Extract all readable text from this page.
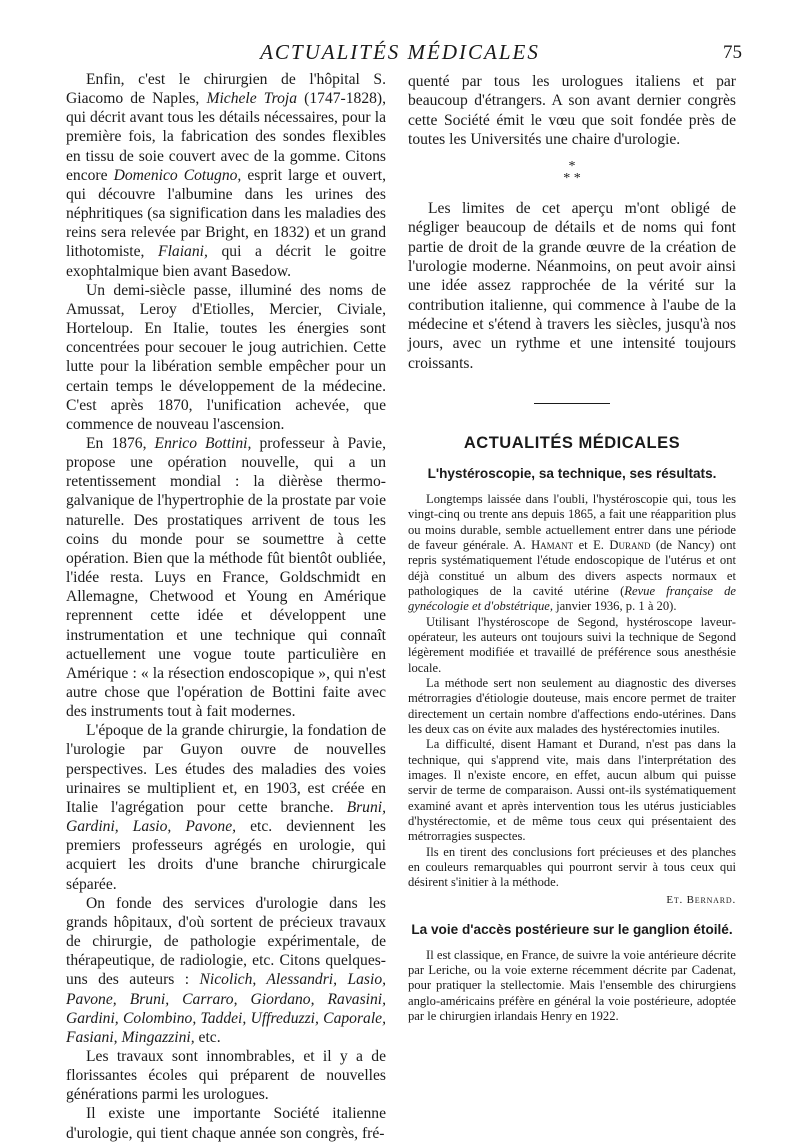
ACTUALITÉS MÉDICALES	75

Enfin, c'est le chirurgien de l'hôpital S. Giacomo de Naples, Michele Troja (1747-1828), qui décrit avant tous les détails nécessaires, pour la première fois, la fabrication des sondes flexibles en tissu de soie couvert avec de la gomme. Citons encore Domenico Cotugno, esprit large et ouvert, qui découvre l'albumine dans les urines des néphritiques (sa signification dans les maladies des reins sera relevée par Bright, en 1832) et un grand lithotomiste, Flaiani, qui a décrit le goitre exophtalmique bien avant Basedow.

Un demi-siècle passe, illuminé des noms de Amussat, Leroy d'Etiolles, Mercier, Civiale, Horteloup. En Italie, toutes les énergies sont concentrées pour secouer le joug autrichien. Cette lutte pour la libération semble empêcher pour un certain temps le développement de la médecine. C'est après 1870, l'unification achevée, que commence de nouveau l'ascension.

En 1876, Enrico Bottini, professeur à Pavie, propose une opération nouvelle, qui a un retentissement mondial : la dièrèse thermo-galvanique de l'hypertrophie de la prostate par voie naturelle. Des prostatiques arrivent de tous les coins du monde pour se soumettre à cette opération. Bien que la méthode fût bientôt oubliée, l'idée resta. Luys en France, Goldschmidt en Allemagne, Chetwood et Young en Amérique reprennent cette idée et développent une instrumentation et une technique qui connaît actuellement une vogue toute particulière en Amérique : « la résection endoscopique », qui n'est autre chose que l'opération de Bottini faite avec des instruments tout à fait modernes.

L'époque de la grande chirurgie, la fondation de l'urologie par Guyon ouvre de nouvelles perspectives. Les études des maladies des voies urinaires se multiplient et, en 1903, est créée en Italie l'agrégation pour cette branche. Bruni, Gardini, Lasio, Pavone, etc. deviennent les premiers professeurs agrégés en urologie, qui acquiert les droits d'une branche chirurgicale séparée.

On fonde des services d'urologie dans les grands hôpitaux, d'où sortent de précieux travaux de chirurgie, de pathologie expérimentale, de thérapeutique, de radiologie, etc. Citons quelques-uns des auteurs : Nicolich, Alessandri, Lasio, Pavone, Bruni, Carraro, Giordano, Ravasini, Gardini, Colombino, Taddei, Uffreduzzi, Caporale, Fasiani, Mingazzini, etc.

Les travaux sont innombrables, et il y a de florissantes écoles qui préparent de nouvelles générations parmi les urologues.

Il existe une importante Société italienne d'urologie, qui tient chaque année son congrès, fré-

quenté par tous les urologues italiens et par beaucoup d'étrangers. A son avant dernier congrès cette Société émit le vœu que soit fondée près de toutes les Universités une chaire d'urologie.

*
* *

Les limites de cet aperçu m'ont obligé de négliger beaucoup de détails et de noms qui font partie de droit de la grande œuvre de la création de l'urologie moderne. Néanmoins, on peut avoir ainsi une idée assez rapprochée de la vérité sur la contribution italienne, qui commence à l'aube de la médecine et s'étend à travers les siècles, jusqu'à nos jours, avec un rythme et une intensité toujours croissants.

ACTUALITÉS MÉDICALES
L'hystéroscopie, sa technique, ses résultats.

Longtemps laissée dans l'oubli, l'hystéroscopie qui, tous les vingt-cinq ou trente ans depuis 1865, a fait une réapparition plus ou moins durable, semble actuellement entrer dans une période de faveur générale. A. Hamant et E. Durand (de Nancy) ont repris systématiquement l'étude endoscopique de l'utérus et ont déjà constitué un album des divers aspects normaux et pathologiques de la cavité utérine (Revue française de gynécologie et d'obstétrique, janvier 1936, p. 1 à 20).

Utilisant l'hystéroscope de Segond, hystéroscope laveur-opérateur, les auteurs ont toujours suivi la technique de Segond légèrement modifiée et travaillé de préférence sous anesthésie locale.

La méthode sert non seulement au diagnostic des diverses métrorragies d'étiologie douteuse, mais encore permet de traiter directement un certain nombre d'affections endo-utérines. Dans les deux cas on évite aux malades des hystérectomies inutiles.

La difficulté, disent Hamant et Durand, n'est pas dans la technique, qui s'apprend vite, mais dans l'interprétation des images. Il n'existe encore, en effet, aucun album qui puisse servir de terme de comparaison. Aussi ont-ils systématiquement examiné avant et après intervention tous les utérus justiciables d'hystérectomie, et de même tous ceux qui présentaient des métrorragies suspectes.

Ils en tirent des conclusions fort précieuses et des planches en couleurs remarquables qui pourront servir à tous ceux qui désirent s'initier à la méthode.

Et. Bernard.
La voie d'accès postérieure sur le ganglion étoilé.

Il est classique, en France, de suivre la voie antérieure décrite par Leriche, ou la voie externe récemment décrite par Cadenat, pour pratiquer la stellectomie. Mais l'ensemble des chirurgiens anglo-américains préfère en général la voie postérieure, adoptée par le chirurgien irlandais Henry en 1922.
